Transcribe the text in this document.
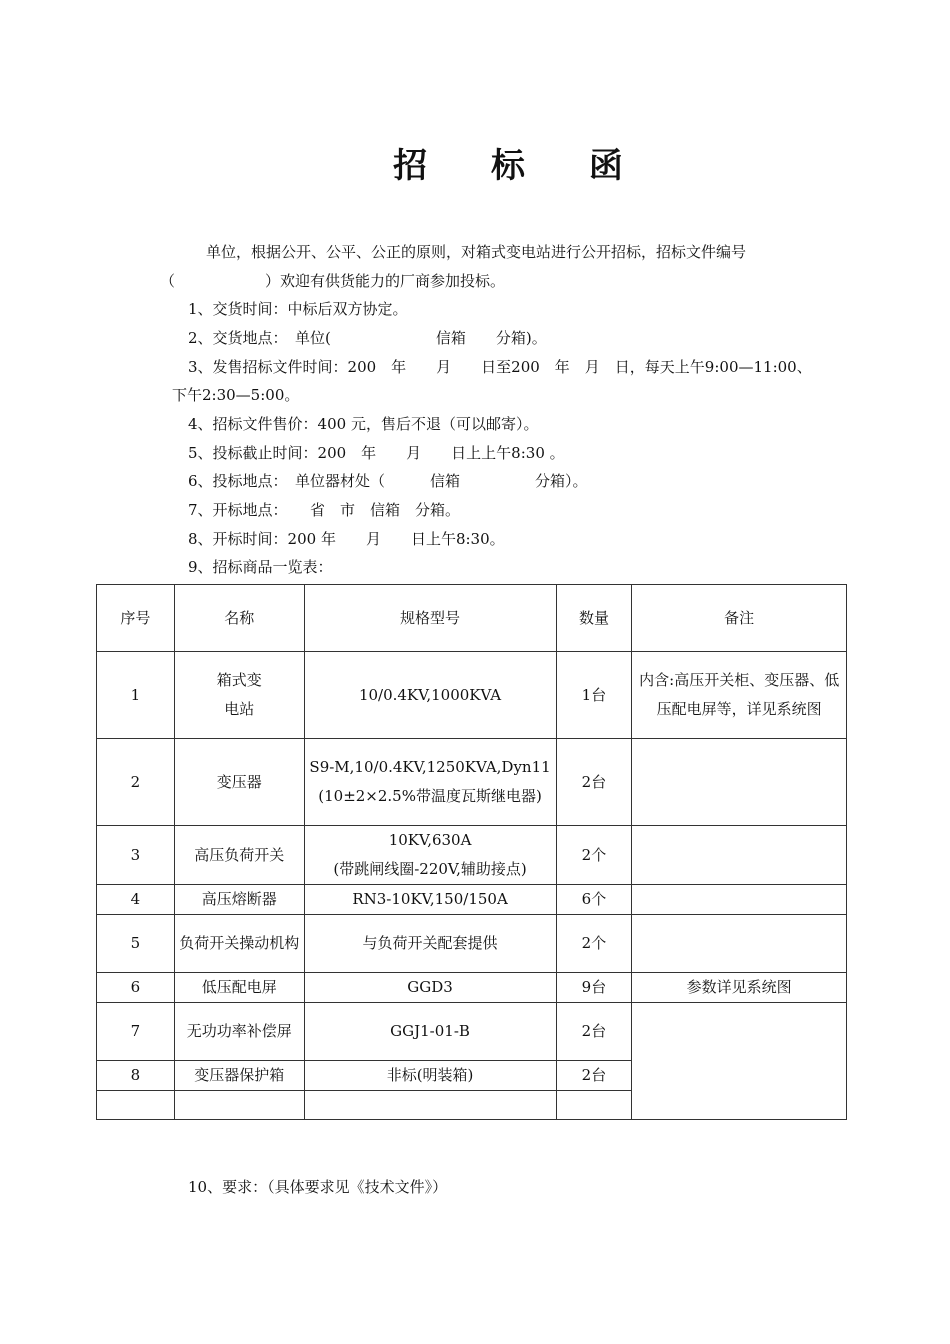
招 标 函
单位，根据公开、公平、公正的原则，对箱式变电站进行公开招标，招标文件编号（　　　　　　）欢迎有供货能力的厂商参加投标。
1、交货时间：中标后双方协定。
2、交货地点：　单位(　　　　　　　信箱　　分箱)。
3、发售招标文件时间：200　年　　月　　日至200　年　月　日，每天上午9:00—11:00、
下午2:30—5:00。
4、招标文件售价：400 元，售后不退（可以邮寄）。
5、投标截止时间：200　年　　月　　日上上午8:30 。
6、投标地点：　单位器材处（　　　信箱　　　　　分箱）。
7、开标地点：　　省　市　信箱　分箱。
8、开标时间：200 年　　月　　日上午8:30。
9、招标商品一览表：
序号	名称	规格型号	数量	备注
1	箱式变
电站	10/0.4KV,1000KVA	1台	内含:高压开关柜、变压器、低压配电屏等，详见系统图
2	变压器	S9-M,10/0.4KV,1250KVA,Dyn11
(10±2×2.5%带温度瓦斯继电器)	2台	
3	高压负荷开关	10KV,630A
(带跳闸线圈-220V,辅助接点)	2个	
4	高压熔断器	RN3-10KV,150/150A	6个	
5	负荷开关操动机构	与负荷开关配套提供	2个	
6	低压配电屏	GGD3	9台	参数详见系统图
7	无功功率补偿屏	GGJ1-01-B	2台	
8	变压器保护箱	非标(明装箱)	2台	

10、要求：（具体要求见《技术文件》）
